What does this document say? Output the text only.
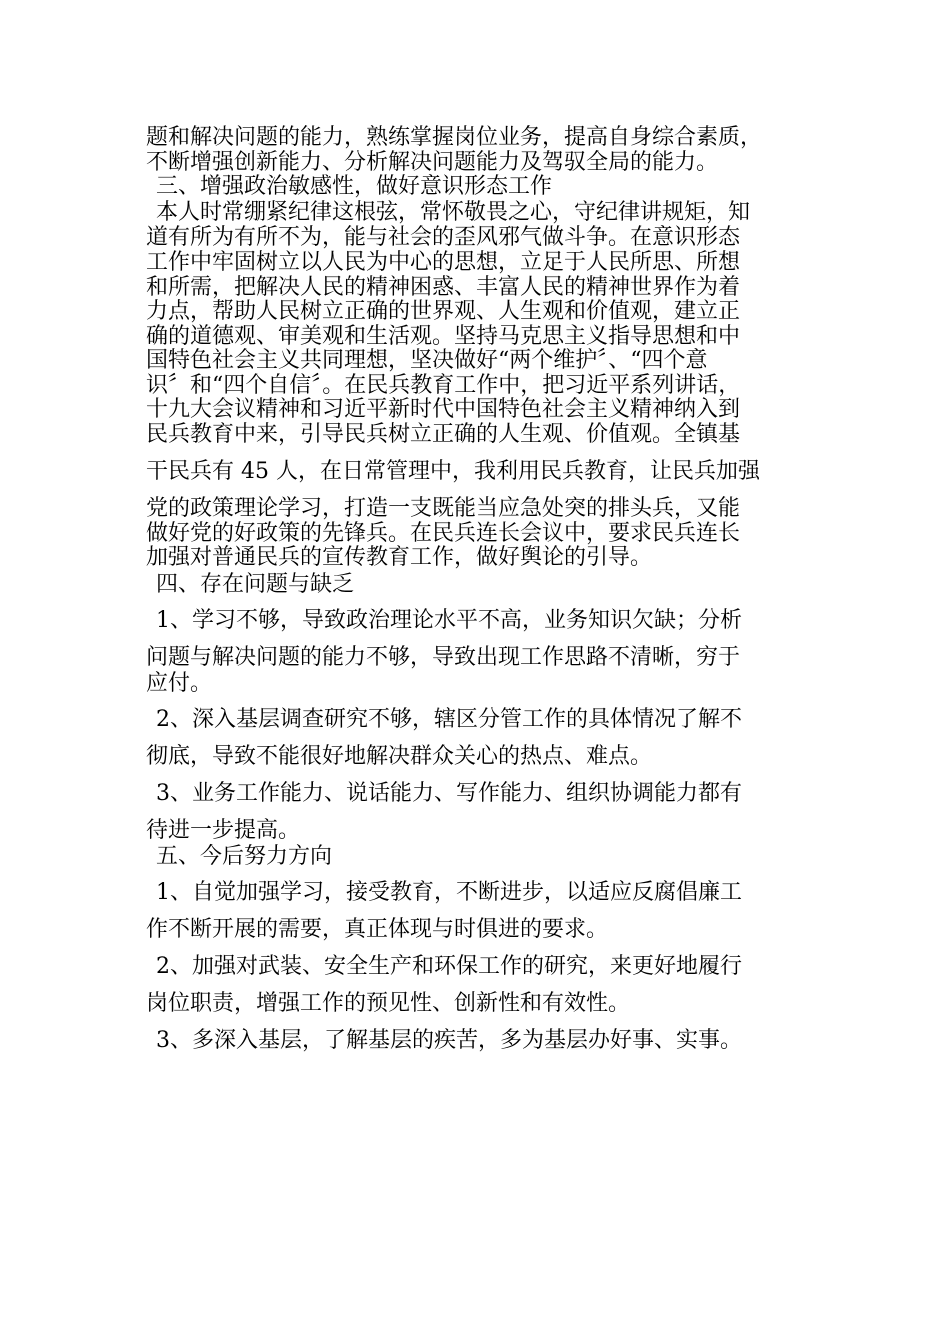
题和解决问题的能力，熟练掌握岗位业务，提高自身综合素质，
不断增强创新能力、分析解决问题能力及驾驭全局的能力。
三、增强政治敏感性，做好意识形态工作
本人时常绷紧纪律这根弦，常怀敬畏之心，守纪律讲规矩，知
道有所为有所不为，能与社会的歪风邪气做斗争。在意识形态
工作中牢固树立以人民为中心的思想，立足于人民所思、所想
和所需，把解决人民的精神困惑、丰富人民的精神世界作为着
力点，帮助人民树立正确的世界观、人生观和价值观，建立正
确的道德观、审美观和生活观。坚持马克思主义指导思想和中
国特色社会主义共同理想，坚决做好“两个维护〞、“四个意
识〞和“四个自信〞。在民兵教育工作中，把习近平系列讲话，
十九大会议精神和习近平新时代中国特色社会主义精神纳入到
民兵教育中来，引导民兵树立正确的人生观、价值观。全镇基
干民兵有 45 人，在日常管理中，我利用民兵教育，让民兵加强
党的政策理论学习，打造一支既能当应急处突的排头兵，又能
做好党的好政策的先锋兵。在民兵连长会议中，要求民兵连长
加强对普通民兵的宣传教育工作，做好舆论的引导。
四、存在问题与缺乏
1、学习不够，导致政治理论水平不高，业务知识欠缺；分析
问题与解决问题的能力不够，导致出现工作思路不清晰，穷于
应付。
2、深入基层调查研究不够，辖区分管工作的具体情况了解不
彻底，导致不能很好地解决群众关心的热点、难点。
3、业务工作能力、说话能力、写作能力、组织协调能力都有
待进一步提高。
五、今后努力方向
1、自觉加强学习，接受教育，不断进步，以适应反腐倡廉工
作不断开展的需要，真正体现与时俱进的要求。
2、加强对武装、安全生产和环保工作的研究，来更好地履行
岗位职责，增强工作的预见性、创新性和有效性。
3、多深入基层，了解基层的疾苦，多为基层办好事、实事。
